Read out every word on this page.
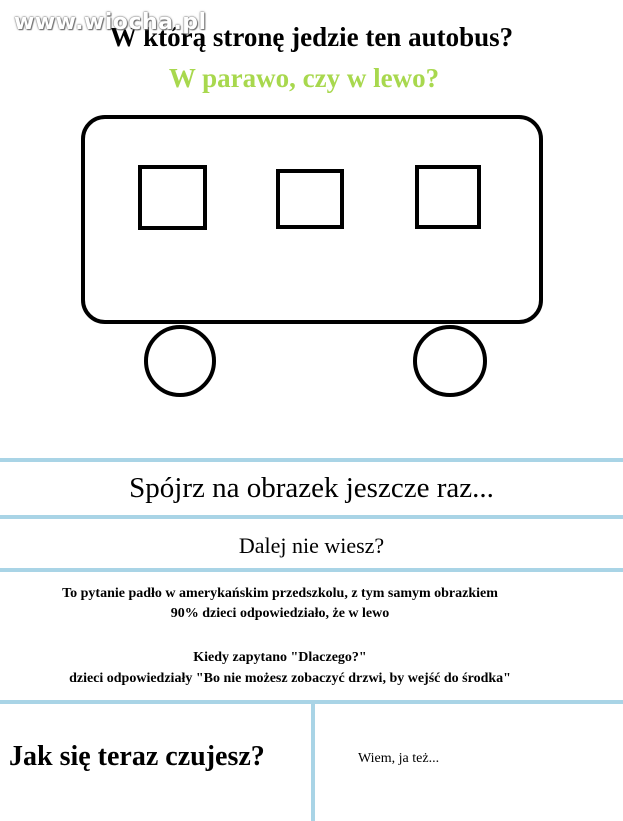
www.wiocha.pl
W którą stronę jedzie ten autobus?
W parawo, czy w lewo?
Spójrz na obrazek jeszcze raz...
Dalej nie wiesz?
To pytanie padło w amerykańskim przedszkolu, z tym samym obrazkiem
90% dzieci odpowiedziało, że w lewo
Kiedy zapytano "Dlaczego?"
dzieci odpowiedziały "Bo nie możesz zobaczyć drzwi, by wejść do środka"
Jak się teraz czujesz?	Wiem, ja też...
